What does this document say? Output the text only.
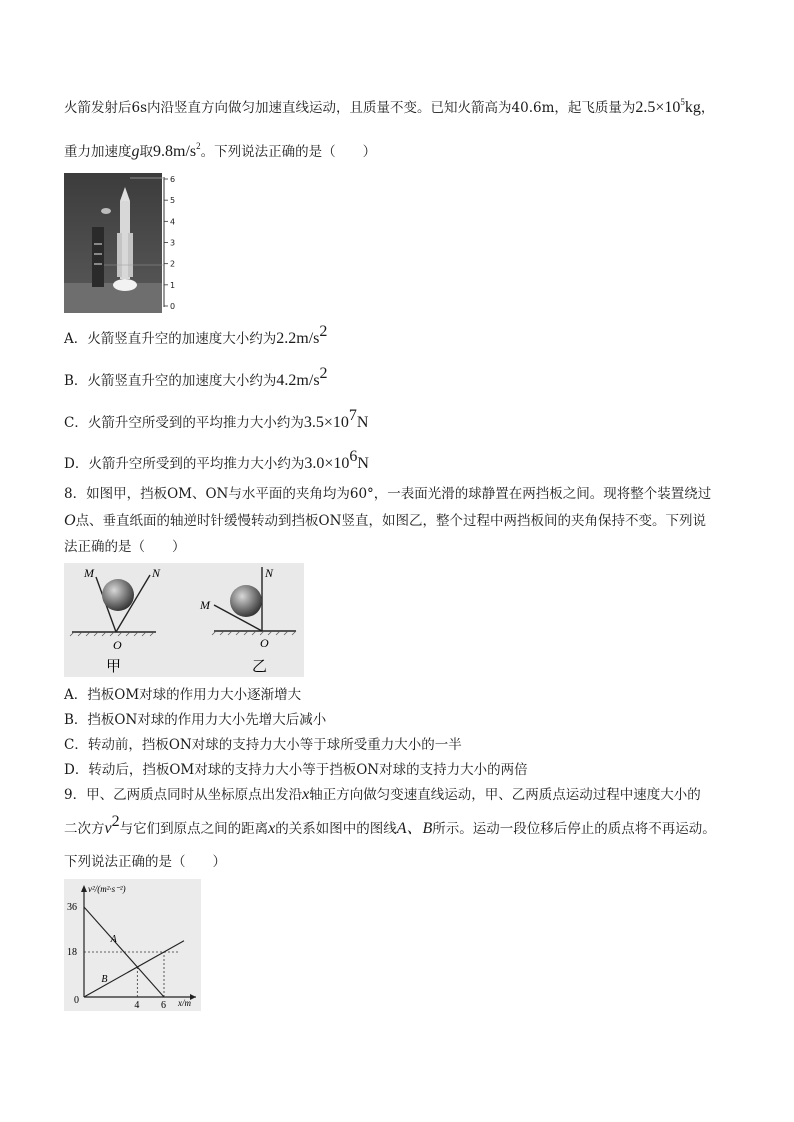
火箭发射后6s内沿竖直方向做匀加速直线运动，且质量不变。已知火箭高为40.6m，起飞质量为$2.5\times 10^5kg$，
重力加速度g取$9.8m/s^2$。下列说法正确的是（　　）
6
5
4
3
2
1
0
A．火箭竖直升空的加速度大小约为$2.2m/s^2$
B．火箭竖直升空的加速度大小约为$4.2m/s^2$
C．火箭升空所受到的平均推力大小约为$3.5\times 10^7N$
D．火箭升空所受到的平均推力大小约为$3.0\times 10^6N$
8．如图甲，挡板OM、ON与水平面的夹角均为60°，一表面光滑的球静置在两挡板之间。现将整个装置绕过
O点、垂直纸面的轴逆时针缓慢转动到挡板ON竖直，如图乙，整个过程中两挡板间的夹角保持不变。下列说
法正确的是（　　）
M	N
O
甲
M
N
O
乙
A．挡板OM对球的作用力大小逐渐增大
B．挡板ON对球的作用力大小先增大后减小
C．转动前，挡板ON对球的支持力大小等于球所受重力大小的一半
D．转动后，挡板OM对球的支持力大小等于挡板ON对球的支持力大小的两倍
9．甲、乙两质点同时从坐标原点出发沿x轴正方向做匀变速直线运动，甲、乙两质点运动过程中速度大小的
二次方$v^2$与它们到原点之间的距离x的关系如图中的图线A、B所示。运动一段位移后停止的质点将不再运动。
下列说法正确的是（　　）
v²/(m²·s⁻²)
x/m
A
B
36
18
0	4 6
